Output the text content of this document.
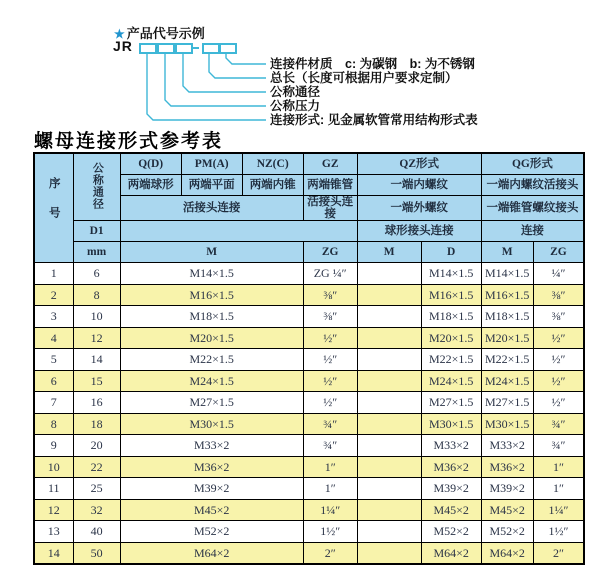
★ 产品代号示例
JR
连接件材质　c: 为碳钢　b: 为不锈钢
总长（长度可根据用户要求定制）
公称通径
公称压力
连接形式: 见金属软管常用结构形式表
螺母连接形式参考表
序号	公称通径	Q(D)	PM(A)	NZ(C)	GZ	QZ形式		QG形式	
		两端球形	两端平面	两端内锥	两端锥管	一端内螺纹		一端内螺纹活接头	
		活接头连接			活接头连接	一端外螺纹		一端锥管螺纹接头	
	D1					球形接头连接		连接	
	mm	M			ZG	M	D	M	ZG
1	6	M14×1.5			ZG ¼″		M14×1.5	M14×1.5	¼″
2	8	M16×1.5			⅜″		M16×1.5	M16×1.5	⅜″
3	10	M18×1.5			⅜″		M18×1.5	M18×1.5	⅜″
4	12	M20×1.5			½″		M20×1.5	M20×1.5	½″
5	14	M22×1.5			½″		M22×1.5	M22×1.5	½″
6	15	M24×1.5			½″		M24×1.5	M24×1.5	½″
7	16	M27×1.5			½″		M27×1.5	M27×1.5	½″
8	18	M30×1.5			¾″		M30×1.5	M30×1.5	¾″
9	20	M33×2			¾″		M33×2	M33×2	¾″
10	22	M36×2			1″		M36×2	M36×2	1″
11	25	M39×2			1″		M39×2	M39×2	1″
12	32	M45×2			1¼″		M45×2	M45×2	1¼″
13	40	M52×2			1½″		M52×2	M52×2	1½″
14	50	M64×2			2″		M64×2	M64×2	2″
